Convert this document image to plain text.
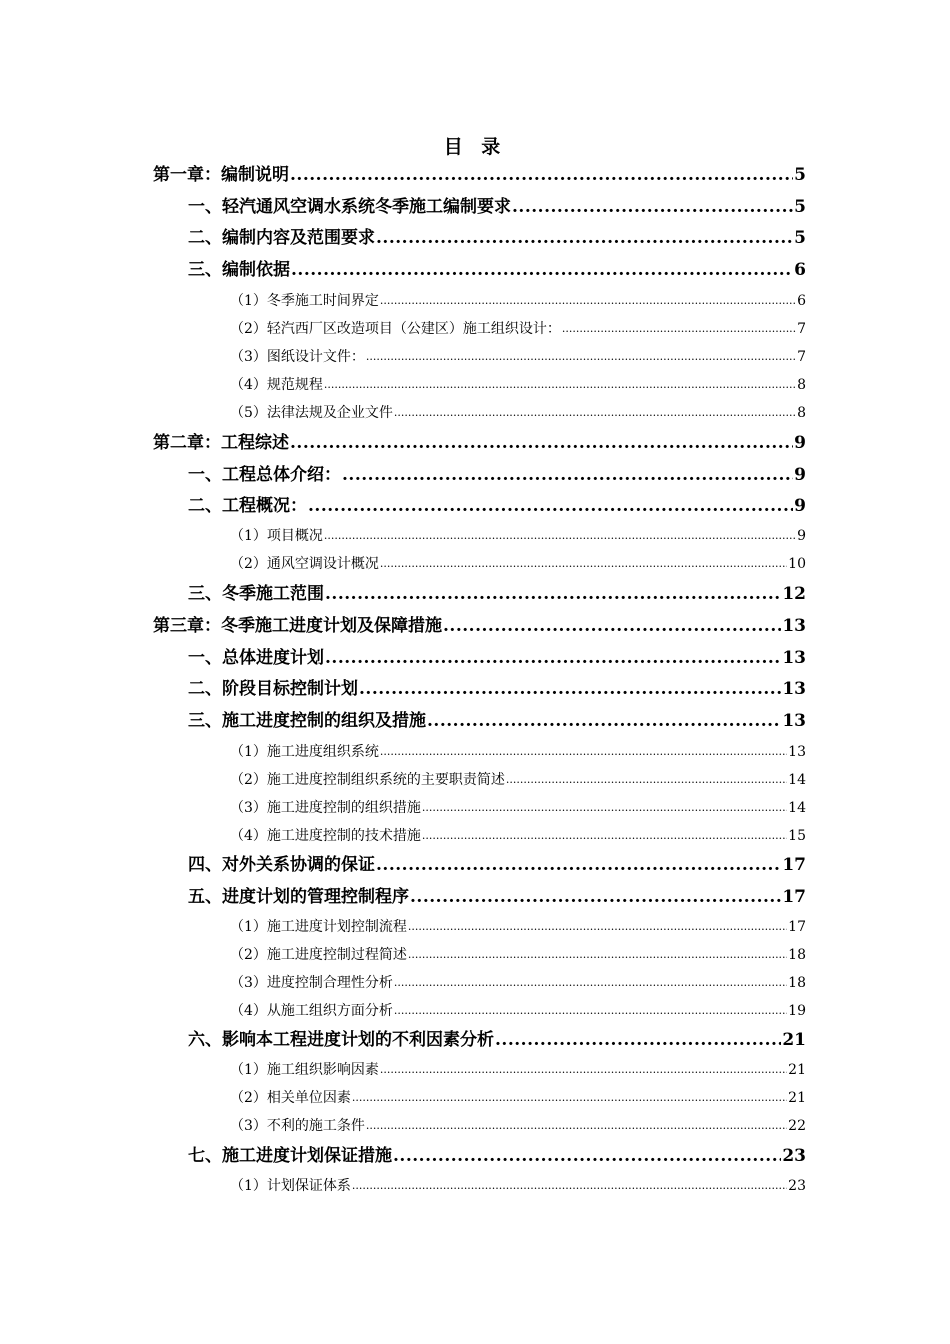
目 录
第一章：编制说明 .....	5
一、轻汽通风空调水系统冬季施工编制要求 .....	5
二、编制内容及范围要求 .....	5
三、编制依据 .....	6
（1）冬季施工时间界定 .....	6
（2）轻汽西厂区改造项目（公建区）施工组织设计： .....	7
（3）图纸设计文件： .....	7
（4）规范规程 .....	8
（5）法律法规及企业文件 .....	8
第二章：工程综述 .....	9
一、工程总体介绍： .....	9
二、工程概况： .....	9
（1）项目概况 .....	9
（2）通风空调设计概况 .....	10
三、冬季施工范围 .....	12
第三章：冬季施工进度计划及保障措施 .....	13
一、总体进度计划 .....	13
二、阶段目标控制计划 .....	13
三、施工进度控制的组织及措施 .....	13
（1）施工进度组织系统 .....	13
（2）施工进度控制组织系统的主要职责简述 .....	14
（3）施工进度控制的组织措施 .....	14
（4）施工进度控制的技术措施 .....	15
四、对外关系协调的保证 .....	17
五、进度计划的管理控制程序 .....	17
（1）施工进度计划控制流程 .....	17
（2）施工进度控制过程简述 .....	18
（3）进度控制合理性分析 .....	18
（4）从施工组织方面分析 .....	19
六、影响本工程进度计划的不利因素分析 .....	21
（1）施工组织影响因素 .....	21
（2）相关单位因素 .....	21
（3）不利的施工条件 .....	22
七、施工进度计划保证措施 .....	23
（1）计划保证体系 .....	23
